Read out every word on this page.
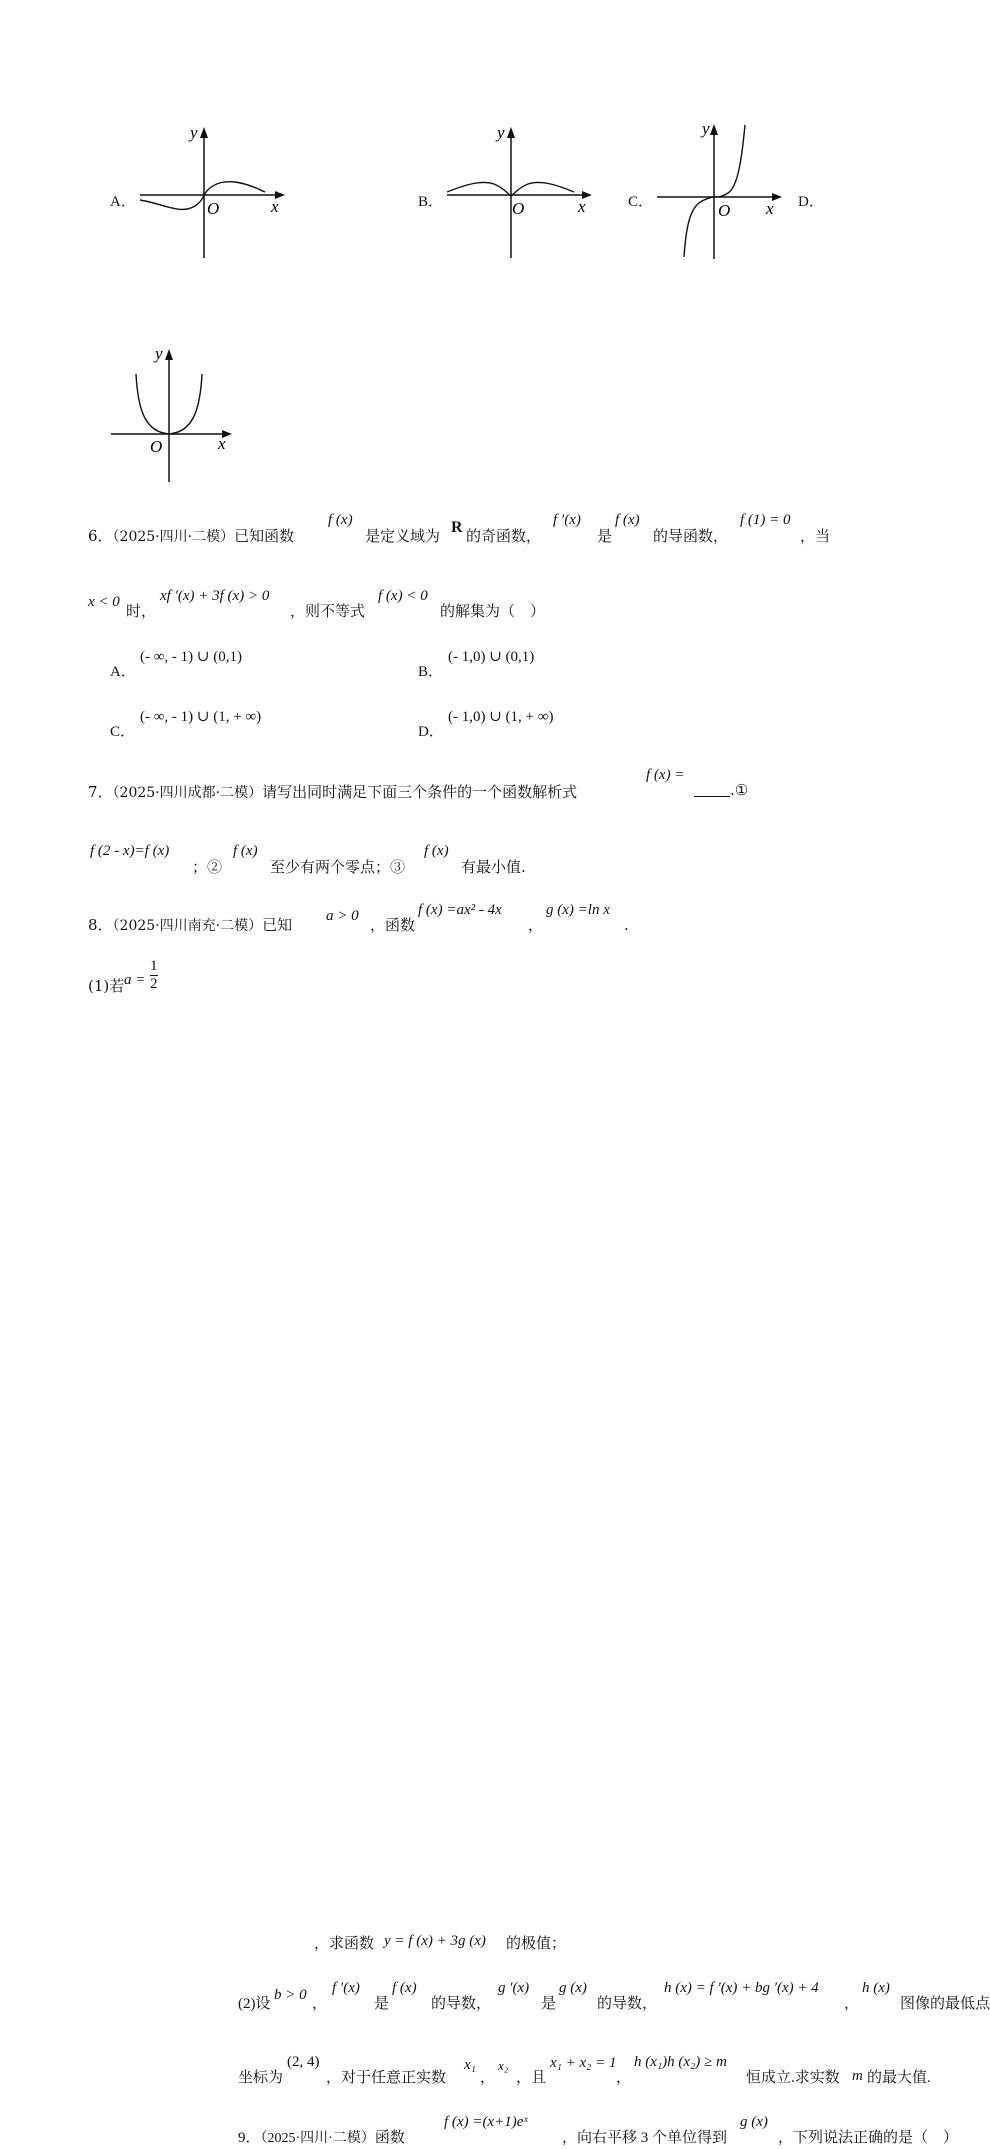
A．
y
x
O	B．
y
x
O	C．
y
x
O	D．
y
x
O
6．（2025·四川·二模）已知函数
f (x)
是定义域为 R 的奇函数，
f ′(x)
是
f (x)
的导函数，
f (1) = 0
，当
x < 0 时，
xf ′(x) + 3f (x) > 0
，则不等式
f (x) < 0
的解集为（　）
A．
(- ∞, - 1) ∪ (0,1)
B．
(- 1,0) ∪ (0,1)
C．
(- ∞, - 1) ∪ (1, + ∞)
D．
(- 1,0) ∪ (1, + ∞)
7．（2025·四川成都·二模）请写出同时满足下面三个条件的一个函数解析式
f (x) =
.①
f (2 - x)=f (x)
；②
f (x)
至少有两个零点；③
f (x)
有最小值.
8．（2025·四川南充·二模）已知 a > 0 ，函数
f (x) =ax² - 4x
，
g (x) =ln x
.
(1)若 a =
1
2
，求函数 y = f (x) + 3g (x) 的极值；
(2)设
b > 0
，
f ′(x)
是
f (x)
的导数，
g ′(x)
是
g (x)
的导数，
h (x) = f ′(x) + bg ′(x) + 4
，
h (x)
图像的最低点
坐标为
(2, 4)
，对于任意正实数
x₁
，
x₂
，且
x₁ + x₂ = 1
，
h (x₁)h (x₂) ≥ m
恒成立.求实数 m 的最大值.
9．（2025·四川·二模）函数
f (x) =(x+1)eˣ
，向右平移 3 个单位得到
g (x)
，下列说法正确的是（　）
